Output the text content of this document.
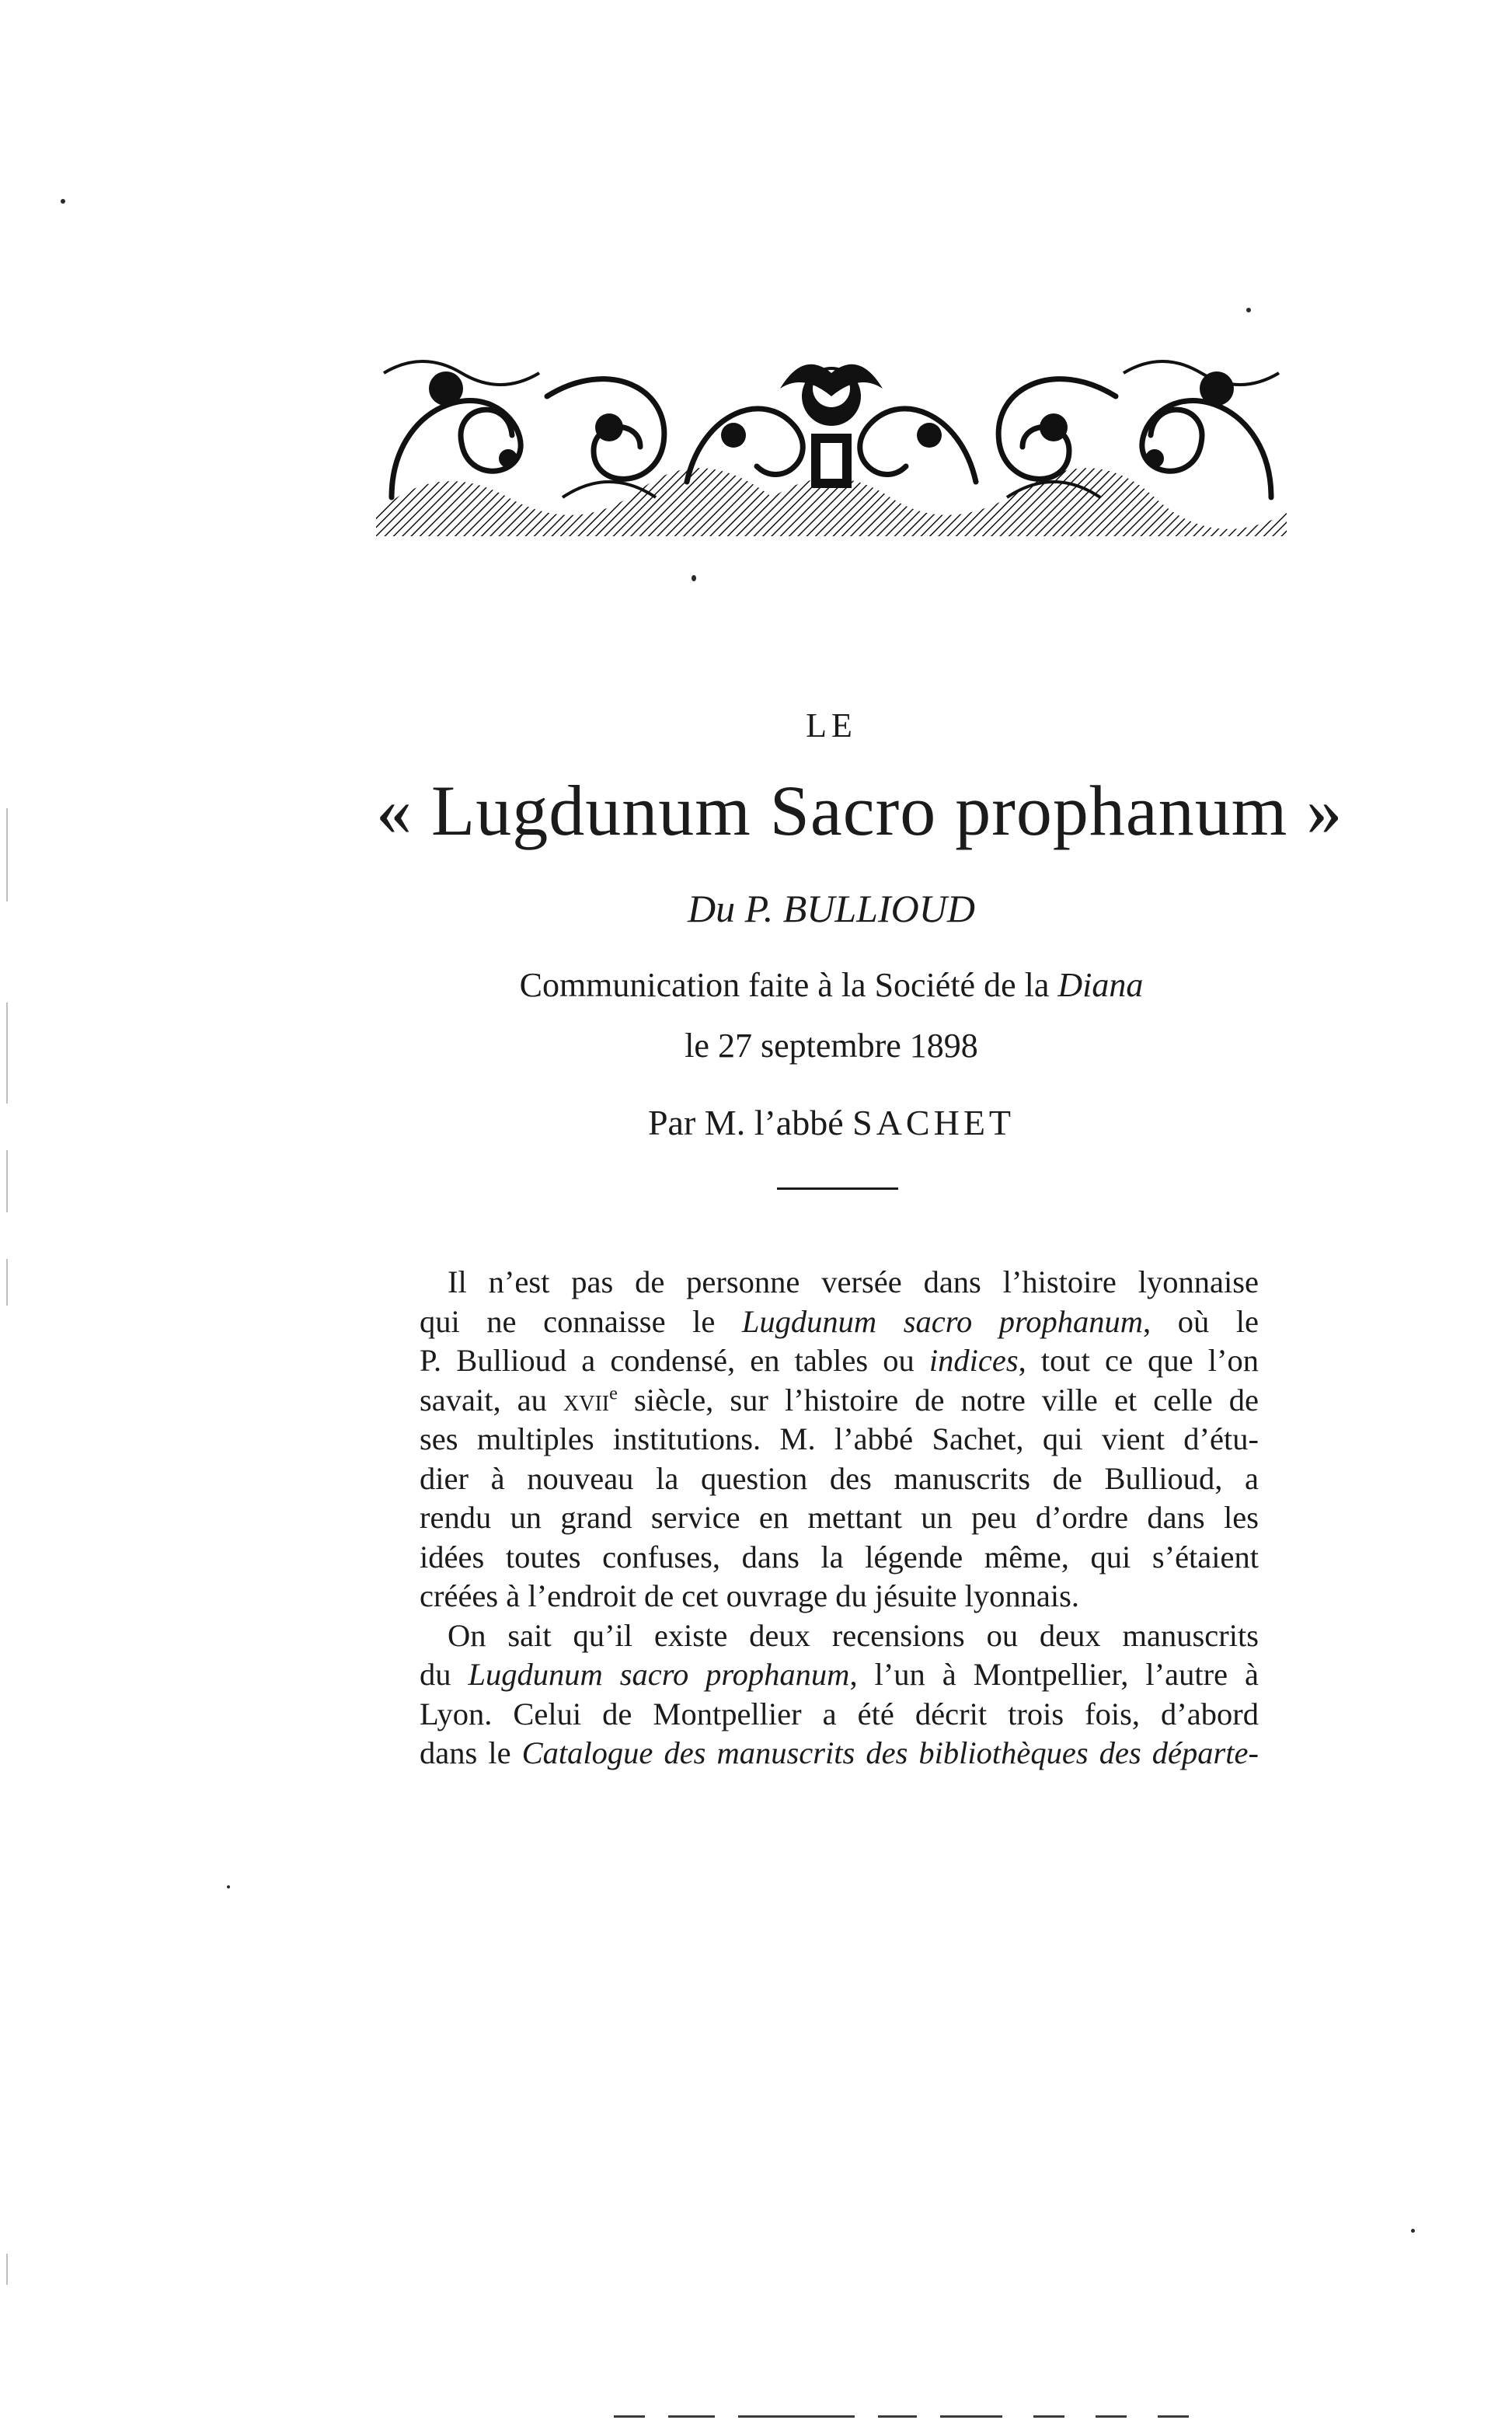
LE
« Lugdunum Sacro prophanum »
Du P. BULLIOUD
Communication faite à la Société de la Diana
le 27 septembre 1898
Par M. l’abbé SACHET

Il n’est pas de personne versée dans l’histoire lyonnaise
qui ne connaisse le Lugdunum sacro prophanum, où le
P. Bullioud a condensé, en tables ou indices, tout ce que l’on
savait, au xvii$^e$ siècle, sur l’histoire de notre ville et celle de
ses multiples institutions. M. l’abbé Sachet, qui vient d’étu-
dier à nouveau la question des manuscrits de Bullioud, a
rendu un grand service en mettant un peu d’ordre dans les
idées toutes confuses, dans la légende même, qui s’étaient
créées à l’endroit de cet ouvrage du jésuite lyonnais.

On sait qu’il existe deux recensions ou deux manuscrits
du Lugdunum sacro prophanum, l’un à Montpellier, l’autre à
Lyon. Celui de Montpellier a été décrit trois fois, d’abord
dans le Catalogue des manuscrits des bibliothèques des départe-
